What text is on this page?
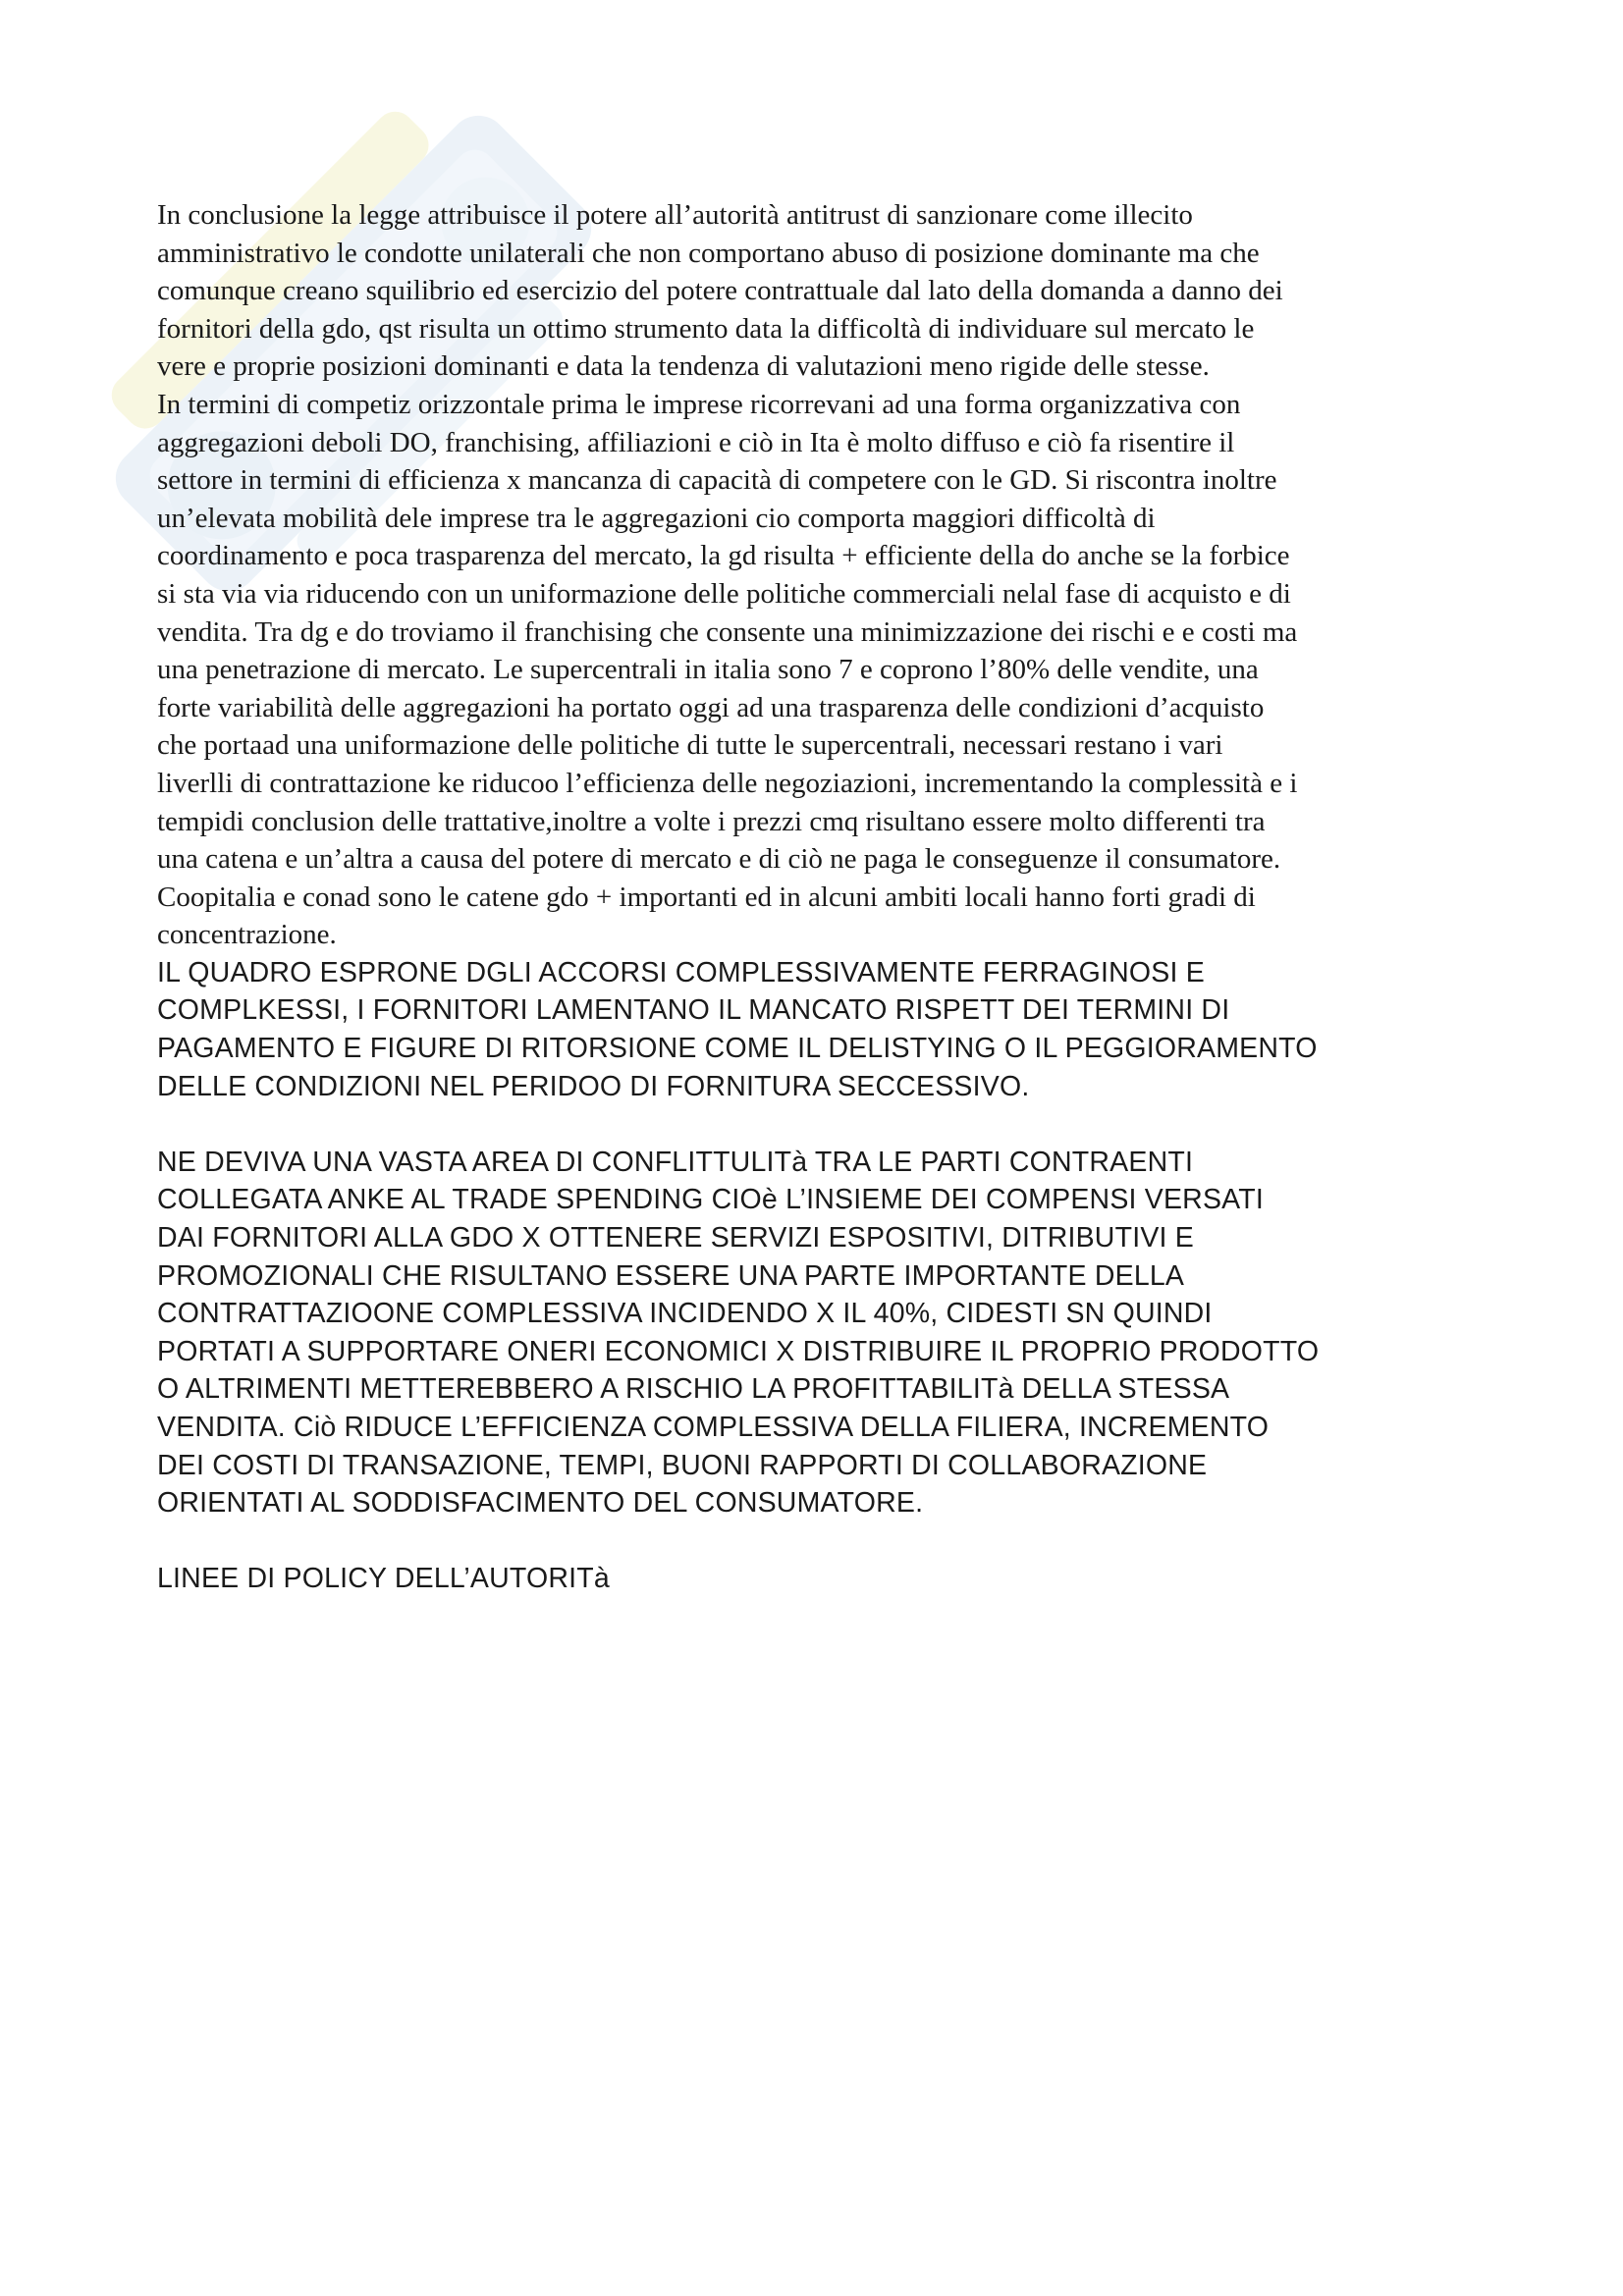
In conclusione la legge attribuisce il potere all’autorità antitrust di sanzionare come illecito
amministrativo le condotte unilaterali che non comportano abuso di posizione dominante ma che
comunque creano squilibrio ed esercizio del potere contrattuale dal lato della domanda a danno dei
fornitori della gdo, qst risulta un ottimo strumento data la difficoltà di individuare sul mercato le
vere e proprie posizioni dominanti e data la tendenza di valutazioni meno rigide delle stesse.

In termini di competiz orizzontale prima le imprese ricorrevani ad una forma organizzativa con
aggregazioni deboli DO, franchising, affiliazioni e ciò in Ita è molto diffuso e ciò fa risentire il
settore in termini di efficienza x mancanza di capacità di competere con le GD. Si riscontra inoltre
un’elevata mobilità dele imprese tra le aggregazioni cio comporta maggiori difficoltà di
coordinamento e poca trasparenza del mercato, la gd risulta + efficiente della do anche se la forbice
si sta via via riducendo con un uniformazione delle politiche commerciali nelal fase di acquisto e di
vendita. Tra dg e do troviamo il franchising che consente una minimizzazione dei rischi e e costi ma
una penetrazione di mercato. Le supercentrali in italia sono 7 e coprono l’80% delle vendite, una
forte variabilità delle aggregazioni ha portato oggi ad una trasparenza delle condizioni d’acquisto
che portaad una uniformazione delle politiche di tutte le supercentrali, necessari restano i vari
liverlli di contrattazione ke riducoo l’efficienza delle negoziazioni, incrementando la complessità e i
tempidi conclusion delle trattative,inoltre a volte i prezzi cmq risultano essere molto differenti tra
una catena e un’altra a causa del potere di mercato e di ciò ne paga le conseguenze il consumatore.
Coopitalia e conad sono le catene gdo + importanti ed in alcuni ambiti locali hanno forti gradi di
concentrazione.

IL QUADRO ESPRONE DGLI ACCORSI COMPLESSIVAMENTE FERRAGINOSI E
COMPLKESSI, I FORNITORI LAMENTANO IL MANCATO RISPETT DEI TERMINI DI
PAGAMENTO E FIGURE DI RITORSIONE COME IL DELISTYING O IL PEGGIORAMENTO
DELLE CONDIZIONI NEL PERIDOO DI FORNITURA SECCESSIVO.

NE DEVIVA UNA VASTA AREA DI CONFLITTULITà TRA LE PARTI CONTRAENTI
COLLEGATA ANKE AL TRADE SPENDING CIOè L’INSIEME DEI COMPENSI VERSATI
DAI FORNITORI ALLA GDO X OTTENERE SERVIZI ESPOSITIVI, DITRIBUTIVI E
PROMOZIONALI CHE RISULTANO ESSERE UNA PARTE IMPORTANTE DELLA
CONTRATTAZIOONE COMPLESSIVA INCIDENDO X IL 40%, CIDESTI SN QUINDI
PORTATI A SUPPORTARE ONERI ECONOMICI X DISTRIBUIRE IL PROPRIO PRODOTTO
O ALTRIMENTI METTEREBBERO A RISCHIO LA PROFITTABILITà DELLA STESSA
VENDITA. Ciò RIDUCE L’EFFICIENZA COMPLESSIVA DELLA FILIERA, INCREMENTO
DEI COSTI DI TRANSAZIONE, TEMPI, BUONI RAPPORTI DI COLLABORAZIONE
ORIENTATI AL SODDISFACIMENTO DEL CONSUMATORE.

LINEE DI POLICY DELL’AUTORITà
